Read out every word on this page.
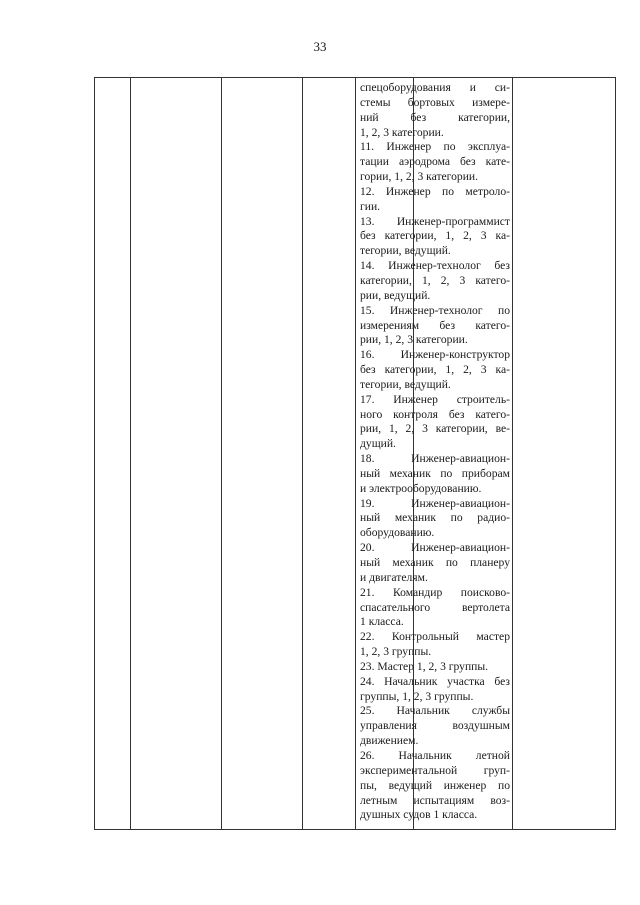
33
спецоборудования и си-
стемы бортовых измере-
ний без категории,
1, 2, 3 категории.
11. Инженер по эксплуа-
тации аэродрома без кате-
гории, 1, 2, 3 категории.
12. Инженер по метроло-
гии.
13. Инженер-программист
без категории, 1, 2, 3 ка-
тегории, ведущий.
14. Инженер-технолог без
категории, 1, 2, 3 катего-
рии, ведущий.
15. Инженер-технолог по
измерениям без катего-
рии, 1, 2, 3 категории.
16. Инженер-конструктор
без категории, 1, 2, 3 ка-
тегории, ведущий.
17. Инженер строитель-
ного контроля без катего-
рии, 1, 2, 3 категории, ве-
дущий.
18. Инженер-авиацион-
ный механик по приборам
и электрооборудованию.
19. Инженер-авиацион-
ный механик по радио-
оборудованию.
20. Инженер-авиацион-
ный механик по планеру
и двигателям.
21. Командир поисково-
спасательного вертолета
1 класса.
22. Контрольный мастер
1, 2, 3 группы.
23. Мастер 1, 2, 3 группы.
24. Начальник участка без
группы, 1, 2, 3 группы.
25. Начальник службы
управления воздушным
движением.
26. Начальник летной
экспериментальной груп-
пы, ведущий инженер по
летным испытациям воз-
душных судов 1 класса.
